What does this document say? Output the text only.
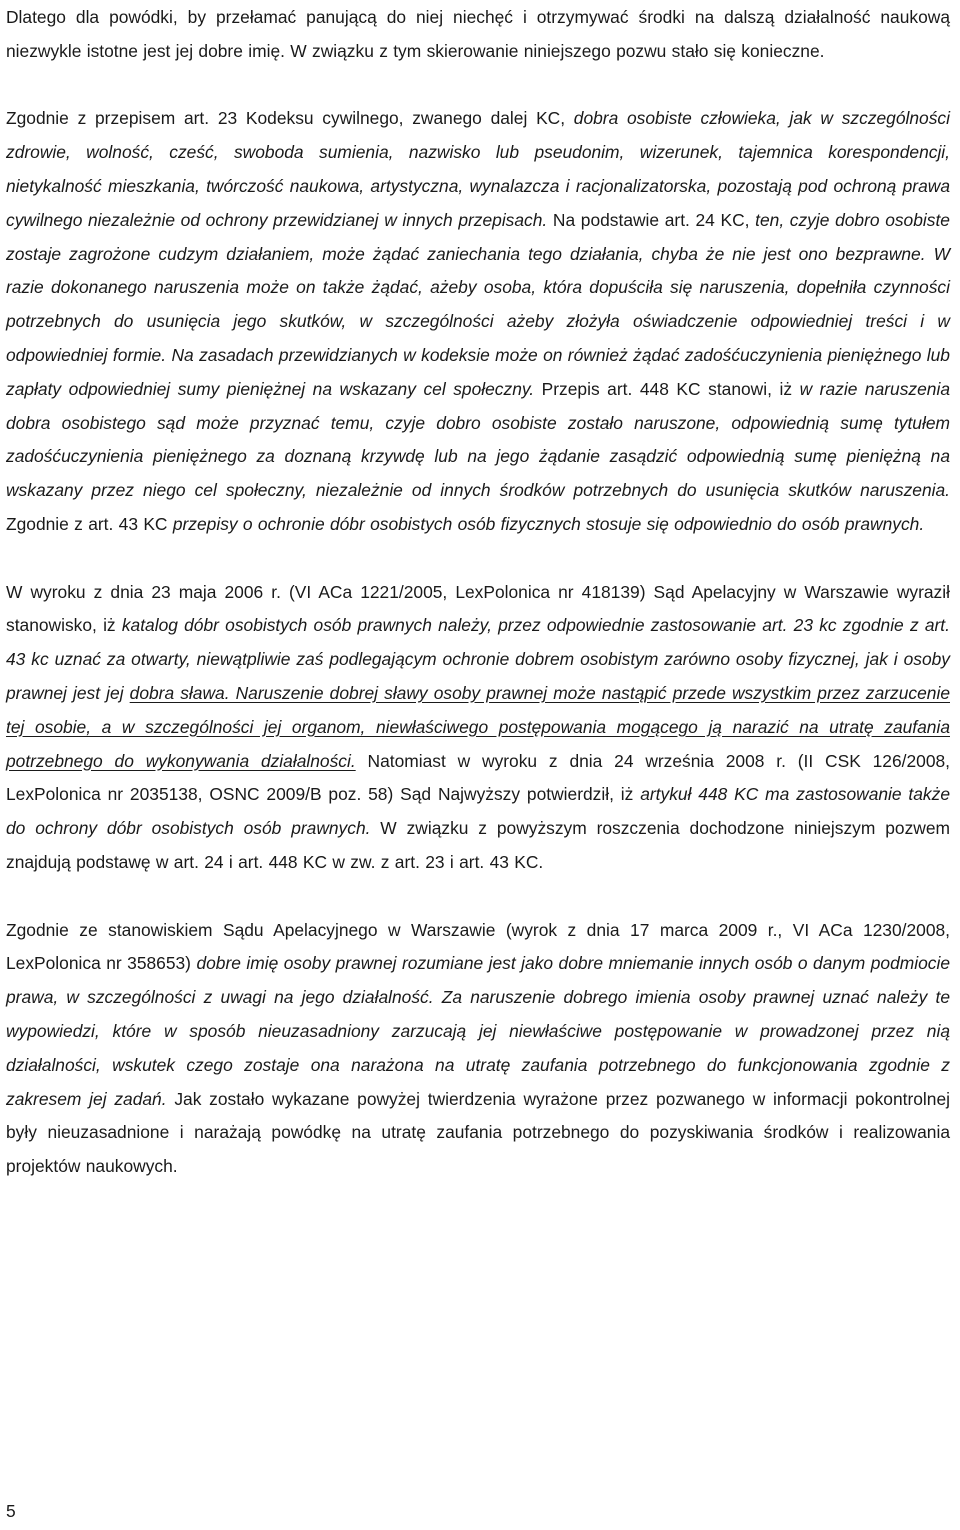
Dlatego dla powódki, by przełamać panującą do niej niechęć i otrzymywać środki na dalszą działalność naukową niezwykle istotne jest jej dobre imię. W związku z tym skierowanie niniejszego pozwu stało się konieczne.

Zgodnie z przepisem art. 23 Kodeksu cywilnego, zwanego dalej KC, dobra osobiste człowieka, jak w szczególności zdrowie, wolność, cześć, swoboda sumienia, nazwisko lub pseudonim, wizerunek, tajemnica korespondencji, nietykalność mieszkania, twórczość naukowa, artystyczna, wynalazcza i racjonalizatorska, pozostają pod ochroną prawa cywilnego niezależnie od ochrony przewidzianej w innych przepisach. Na podstawie art. 24 KC, ten, czyje dobro osobiste zostaje zagrożone cudzym działaniem, może żądać zaniechania tego działania, chyba że nie jest ono bezprawne. W razie dokonanego naruszenia może on także żądać, ażeby osoba, która dopuściła się naruszenia, dopełniła czynności potrzebnych do usunięcia jego skutków, w szczególności ażeby złożyła oświadczenie odpowiedniej treści i w odpowiedniej formie. Na zasadach przewidzianych w kodeksie może on również żądać zadośćuczynienia pieniężnego lub zapłaty odpowiedniej sumy pieniężnej na wskazany cel społeczny. Przepis art. 448 KC stanowi, iż w razie naruszenia dobra osobistego sąd może przyznać temu, czyje dobro osobiste zostało naruszone, odpowiednią sumę tytułem zadośćuczynienia pieniężnego za doznaną krzywdę lub na jego żądanie zasądzić odpowiednią sumę pieniężną na wskazany przez niego cel społeczny, niezależnie od innych środków potrzebnych do usunięcia skutków naruszenia. Zgodnie z art. 43 KC przepisy o ochronie dóbr osobistych osób fizycznych stosuje się odpowiednio do osób prawnych.

W wyroku z dnia 23 maja 2006 r. (VI ACa 1221/2005, LexPolonica nr 418139) Sąd Apelacyjny w Warszawie wyraził stanowisko, iż katalog dóbr osobistych osób prawnych należy, przez odpowiednie zastosowanie art. 23 kc zgodnie z art. 43 kc uznać za otwarty, niewątpliwie zaś podlegającym ochronie dobrem osobistym zarówno osoby fizycznej, jak i osoby prawnej jest jej dobra sława. Naruszenie dobrej sławy osoby prawnej może nastąpić przede wszystkim przez zarzucenie tej osobie, a w szczególności jej organom, niewłaściwego postępowania mogącego ją narazić na utratę zaufania potrzebnego do wykonywania działalności. Natomiast w wyroku z dnia 24 września 2008 r. (II CSK 126/2008, LexPolonica nr 2035138, OSNC 2009/B poz. 58) Sąd Najwyższy potwierdził, iż artykuł 448 KC ma zastosowanie także do ochrony dóbr osobistych osób prawnych. W związku z powyższym roszczenia dochodzone niniejszym pozwem znajdują podstawę w art. 24 i art. 448 KC w zw. z art. 23 i art. 43 KC.

Zgodnie ze stanowiskiem Sądu Apelacyjnego w Warszawie (wyrok z dnia 17 marca 2009 r., VI ACa 1230/2008, LexPolonica nr 358653) dobre imię osoby prawnej rozumiane jest jako dobre mniemanie innych osób o danym podmiocie prawa, w szczególności z uwagi na jego działalność. Za naruszenie dobrego imienia osoby prawnej uznać należy te wypowiedzi, które w sposób nieuzasadniony zarzucają jej niewłaściwe postępowanie w prowadzonej przez nią działalności, wskutek czego zostaje ona narażona na utratę zaufania potrzebnego do funkcjonowania zgodnie z zakresem jej zadań. Jak zostało wykazane powyżej twierdzenia wyrażone przez pozwanego w informacji pokontrolnej były nieuzasadnione i narażają powódkę na utratę zaufania potrzebnego do pozyskiwania środków i realizowania projektów naukowych.

5
